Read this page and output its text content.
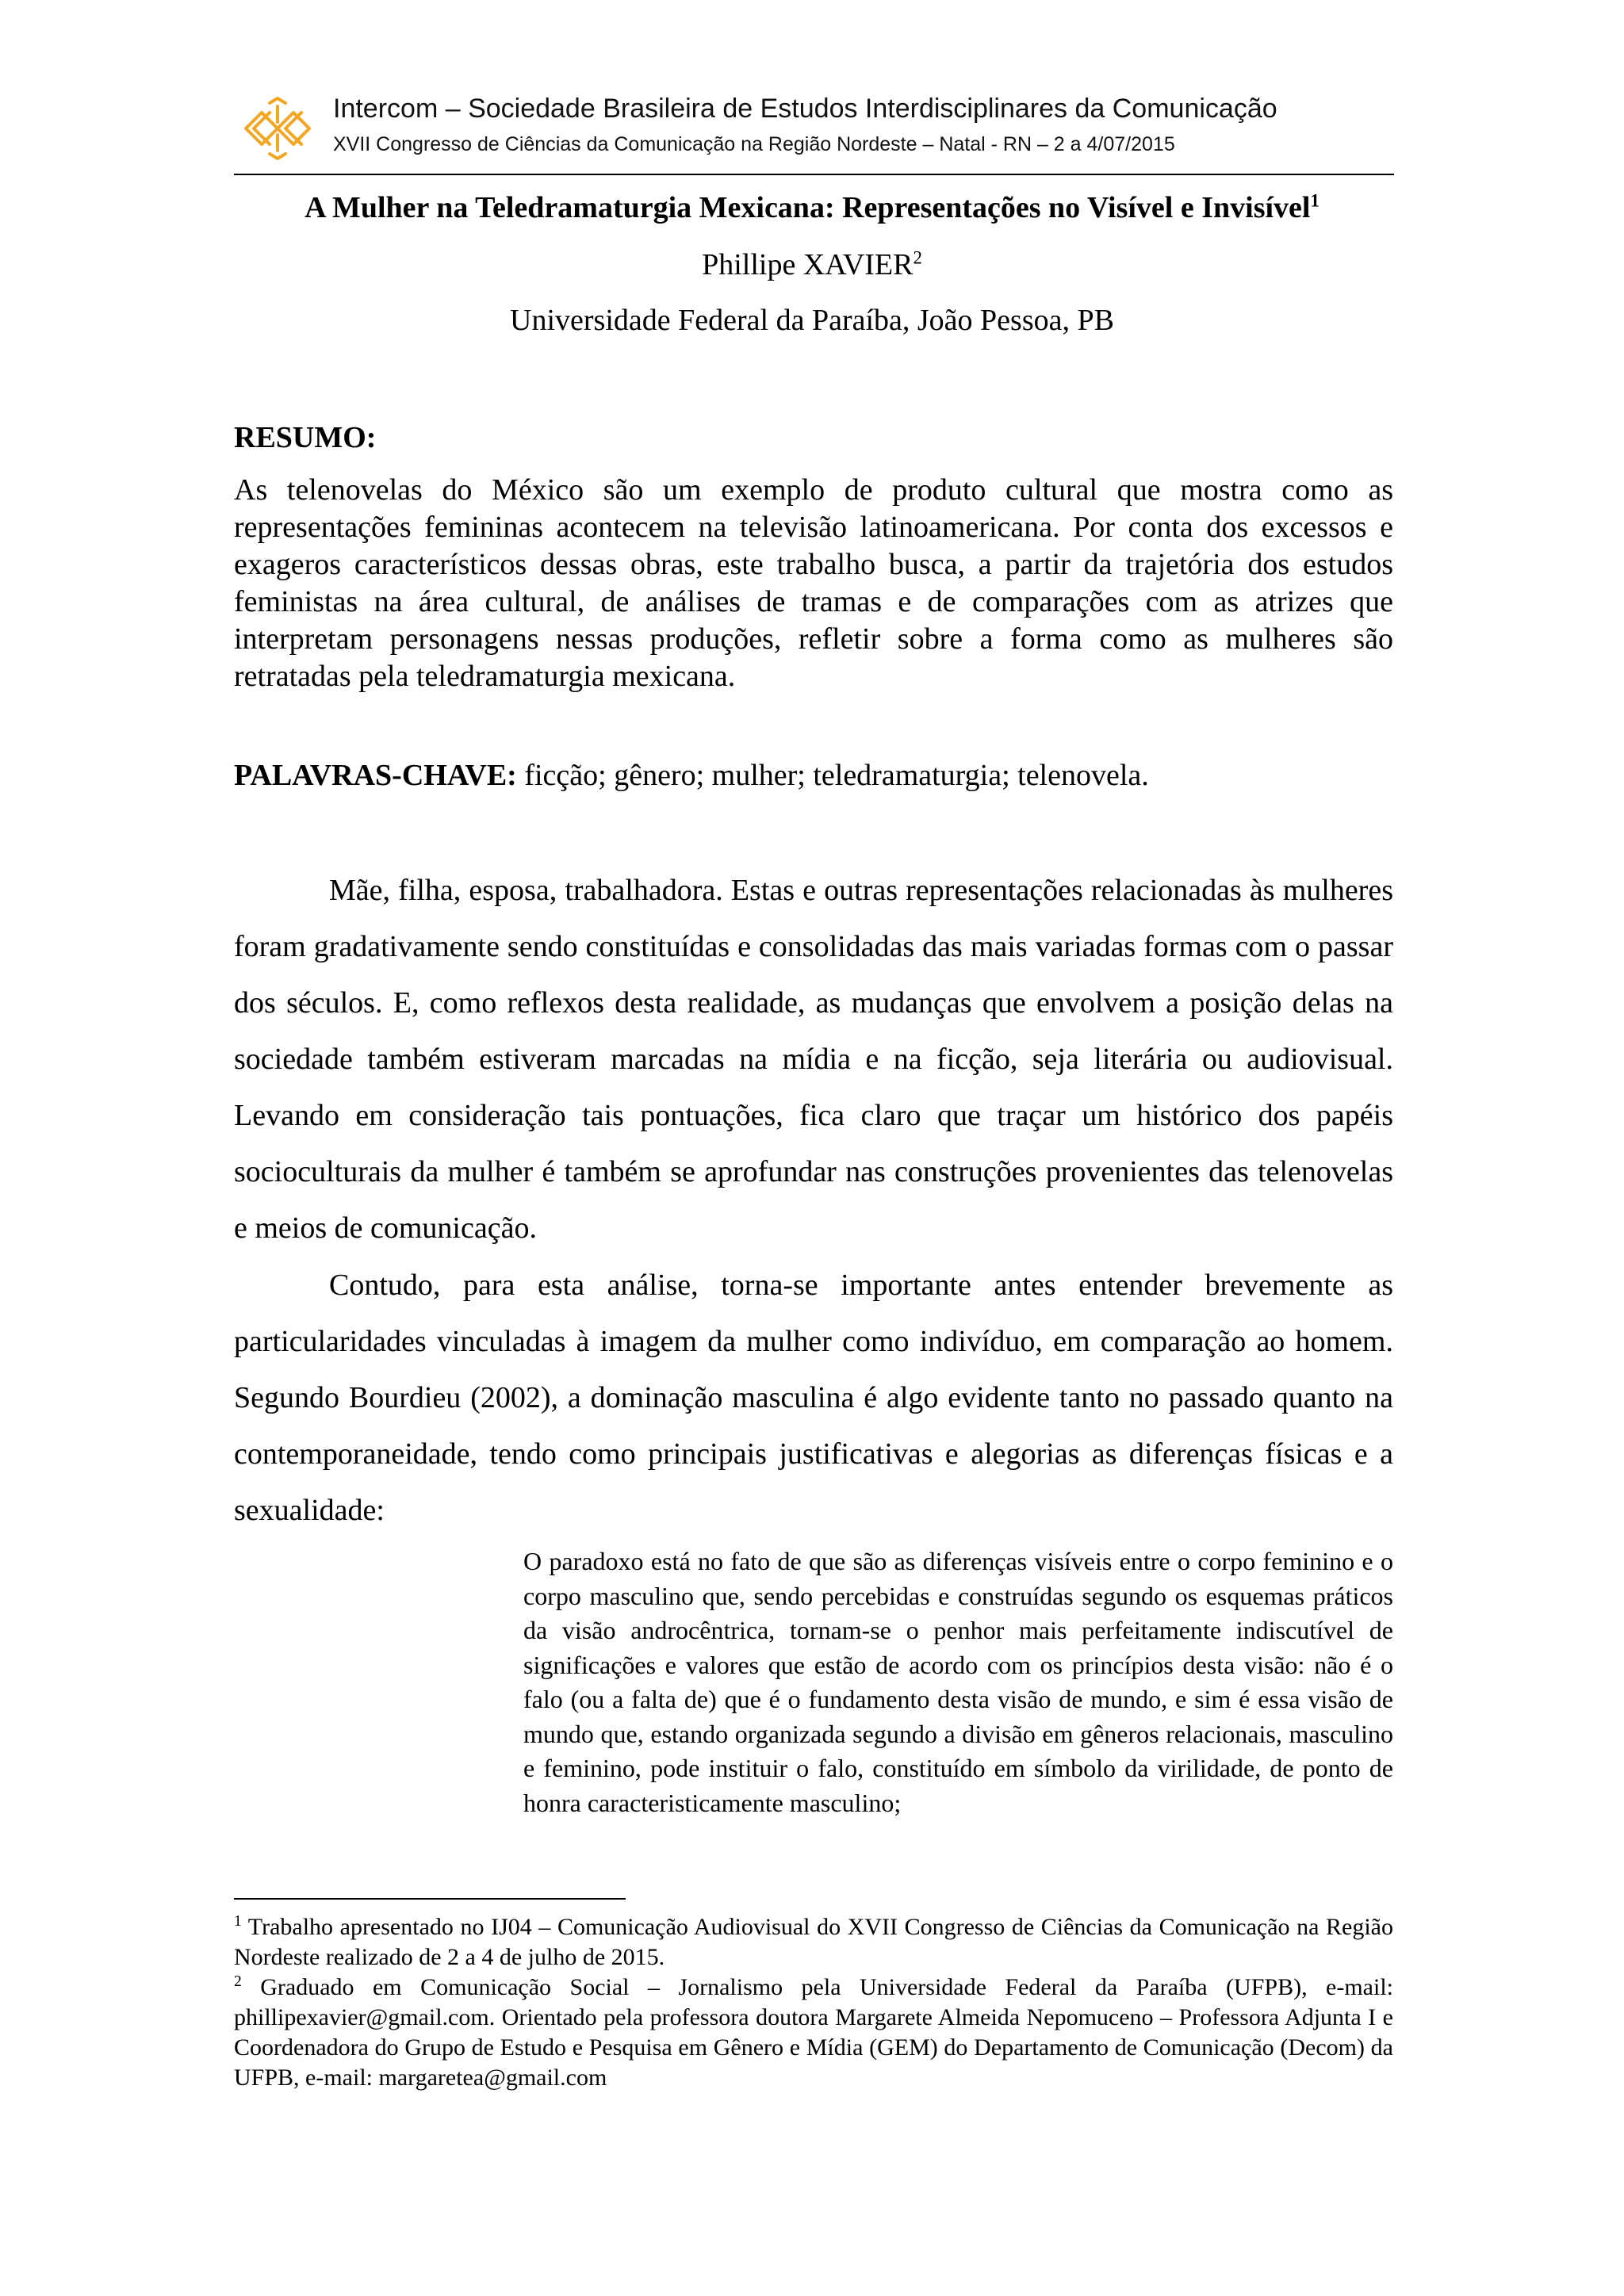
Intercom – Sociedade Brasileira de Estudos Interdisciplinares da Comunicação
XVII Congresso de Ciências da Comunicação na Região Nordeste – Natal - RN – 2 a 4/07/2015
A Mulher na Teledramaturgia Mexicana: Representações no Visível e Invisível$^1$
Phillipe XAVIER$^2$
Universidade Federal da Paraíba, João Pessoa, PB
RESUMO:

As telenovelas do México são um exemplo de produto cultural que mostra como as representações femininas acontecem na televisão latinoamericana. Por conta dos excessos e exageros característicos dessas obras, este trabalho busca, a partir da trajetória dos estudos feministas na área cultural, de análises de tramas e de comparações com as atrizes que interpretam personagens nessas produções, refletir sobre a forma como as mulheres são retratadas pela teledramaturgia mexicana.

PALAVRAS-CHAVE: ficção; gênero; mulher; teledramaturgia; telenovela.

Mãe, filha, esposa, trabalhadora. Estas e outras representações relacionadas às mulheres foram gradativamente sendo constituídas e consolidadas das mais variadas formas com o passar dos séculos. E, como reflexos desta realidade, as mudanças que envolvem a posição delas na sociedade também estiveram marcadas na mídia e na ficção, seja literária ou audiovisual. Levando em consideração tais pontuações, fica claro que traçar um histórico dos papéis socioculturais da mulher é também se aprofundar nas construções provenientes das telenovelas e meios de comunicação.

Contudo, para esta análise, torna-se importante antes entender brevemente as particularidades vinculadas à imagem da mulher como indivíduo, em comparação ao homem. Segundo Bourdieu (2002), a dominação masculina é algo evidente tanto no passado quanto na contemporaneidade, tendo como principais justificativas e alegorias as diferenças físicas e a sexualidade:

O paradoxo está no fato de que são as diferenças visíveis entre o corpo feminino e o corpo masculino que, sendo percebidas e construídas segundo os esquemas práticos da visão androcêntrica, tornam-se o penhor mais perfeitamente indiscutível de significações e valores que estão de acordo com os princípios desta visão: não é o falo (ou a falta de) que é o fundamento desta visão de mundo, e sim é essa visão de mundo que, estando organizada segundo a divisão em gêneros relacionais, masculino e feminino, pode instituir o falo, constituído em símbolo da virilidade, de ponto de honra caracteristicamente masculino;

$^1$ Trabalho apresentado no IJ04 – Comunicação Audiovisual do XVII Congresso de Ciências da Comunicação na Região Nordeste realizado de 2 a 4 de julho de 2015.

$^2$ Graduado em Comunicação Social – Jornalismo pela Universidade Federal da Paraíba (UFPB), e-mail: phillipexavier@gmail.com. Orientado pela professora doutora Margarete Almeida Nepomuceno – Professora Adjunta I e Coordenadora do Grupo de Estudo e Pesquisa em Gênero e Mídia (GEM) do Departamento de Comunicação (Decom) da UFPB, e-mail: margaretea@gmail.com
